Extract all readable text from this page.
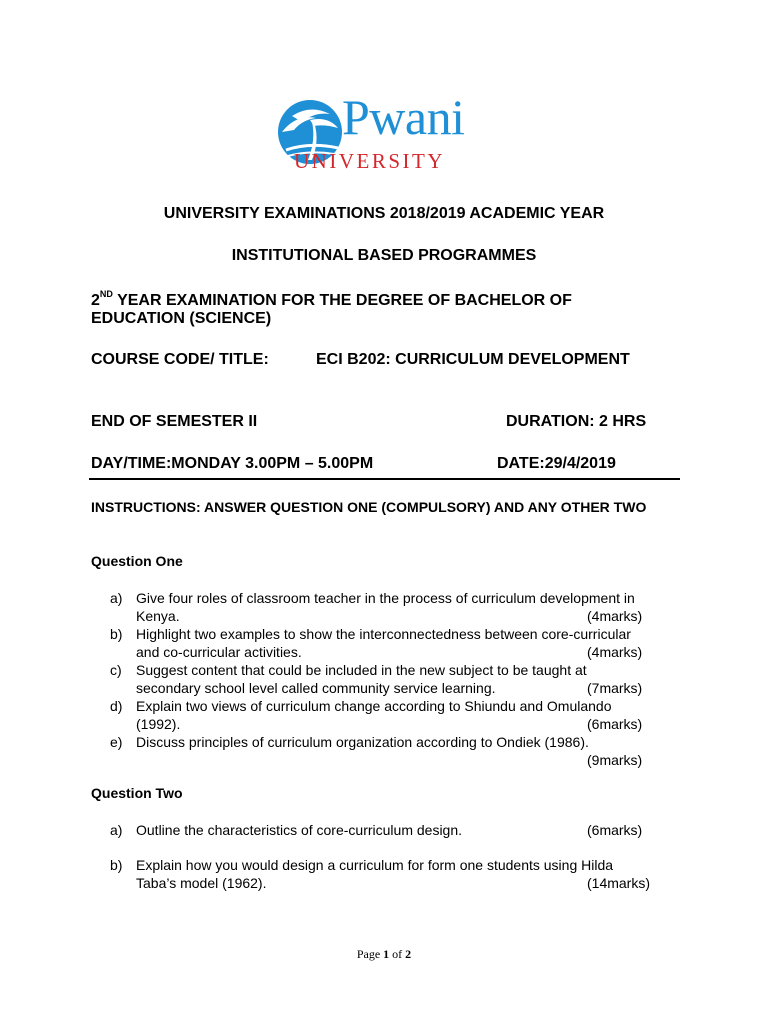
Pwani
UNIVERSITY
UNIVERSITY EXAMINATIONS 2018/2019 ACADEMIC YEAR
INSTITUTIONAL BASED PROGRAMMES
2ND YEAR EXAMINATION FOR THE DEGREE OF BACHELOR OF
EDUCATION (SCIENCE)
COURSE CODE/ TITLE:	ECI B202: CURRICULUM DEVELOPMENT
END OF SEMESTER II	DURATION: 2 HRS
DAY/TIME:MONDAY 3.00PM – 5.00PM	DATE:29/4/2019
INSTRUCTIONS: ANSWER QUESTION ONE (COMPULSORY) AND ANY OTHER TWO
Question One
a) Give four roles of classroom teacher in the process of curriculum development in
Kenya.	(4marks)
b) Highlight two examples to show the interconnectedness between core-curricular
and co-curricular activities.	(4marks)
c) Suggest content that could be included in the new subject to be taught at
secondary school level called community service learning.	(7marks)
d) Explain two views of curriculum change according to Shiundu and Omulando
(1992).	(6marks)
e) Discuss principles of curriculum organization according to Ondiek (1986).
(9marks)
Question Two
a) Outline the characteristics of core-curriculum design.	(6marks)
b) Explain how you would design a curriculum for form one students using Hilda
Taba’s model (1962).	(14marks)
Page 1 of 2
